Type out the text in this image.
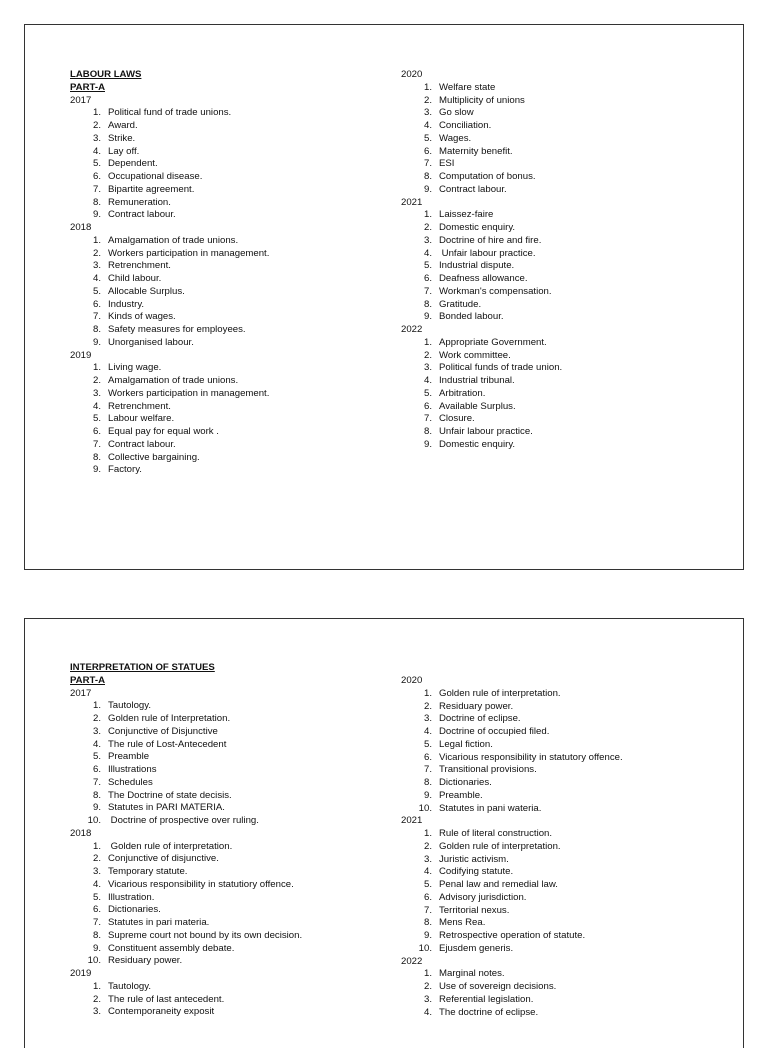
LABOUR LAWS
PART-A
2017
1. Political fund of trade unions.
2. Award.
3. Strike.
4. Lay off.
5. Dependent.
6. Occupational disease.
7. Bipartite agreement.
8. Remuneration.
9. Contract labour.
2018
1. Amalgamation of trade unions.
2. Workers participation in management.
3. Retrenchment.
4. Child labour.
5. Allocable Surplus.
6. Industry.
7. Kinds of wages.
8. Safety measures for employees.
9. Unorganised labour.
2019
1. Living wage.
2. Amalgamation of trade unions.
3. Workers participation in management.
4. Retrenchment.
5. Labour welfare.
6. Equal pay for equal work .
7. Contract labour.
8. Collective bargaining.
9. Factory.
2020
1. Welfare state
2. Multiplicity of unions
3. Go slow
4. Conciliation.
5. Wages.
6. Maternity benefit.
7. ESI
8. Computation of bonus.
9. Contract labour.
2021
1. Laissez-faire
2. Domestic enquiry.
3. Doctrine of hire and fire.
4. Unfair labour practice.
5. Industrial dispute.
6. Deafness allowance.
7. Workman's compensation.
8. Gratitude.
9. Bonded labour.
2022
1. Appropriate Government.
2. Work committee.
3. Political funds of trade union.
4. Industrial tribunal.
5. Arbitration.
6. Available Surplus.
7. Closure.
8. Unfair labour practice.
9. Domestic enquiry.
INTERPRETATION OF STATUES
PART-A
2017
1. Tautology.
2. Golden rule of Interpretation.
3. Conjunctive of Disjunctive
4. The rule of Lost-Antecedent
5. Preamble
6. Illustrations
7. Schedules
8. The Doctrine of state decisis.
9. Statutes in PARI MATERIA.
10. Doctrine of prospective over ruling.
2018
1. Golden rule of interpretation.
2. Conjunctive of disjunctive.
3. Temporary statute.
4. Vicarious responsibility in statutiory offence.
5. Illustration.
6. Dictionaries.
7. Statutes in pari materia.
8. Supreme court not bound by its own decision.
9. Constituent assembly debate.
10. Residuary power.
2019
1. Tautology.
2. The rule of last antecedent.
3. Contemporaneity exposit
2020
1. Golden rule of interpretation.
2. Residuary power.
3. Doctrine of eclipse.
4. Doctrine of occupied filed.
5. Legal fiction.
6. Vicarious responsibility in statutory offence.
7. Transitional provisions.
8. Dictionaries.
9. Preamble.
10. Statutes in pani wateria.
2021
1. Rule of literal construction.
2. Golden rule of interpretation.
3. Juristic activism.
4. Codifying statute.
5. Penal law and remedial law.
6. Advisory jurisdiction.
7. Territorial nexus.
8. Mens Rea.
9. Retrospective operation of statute.
10. Ejusdem generis.
2022
1. Marginal notes.
2. Use of sovereign decisions.
3. Referential legislation.
4. The doctrine of eclipse.
